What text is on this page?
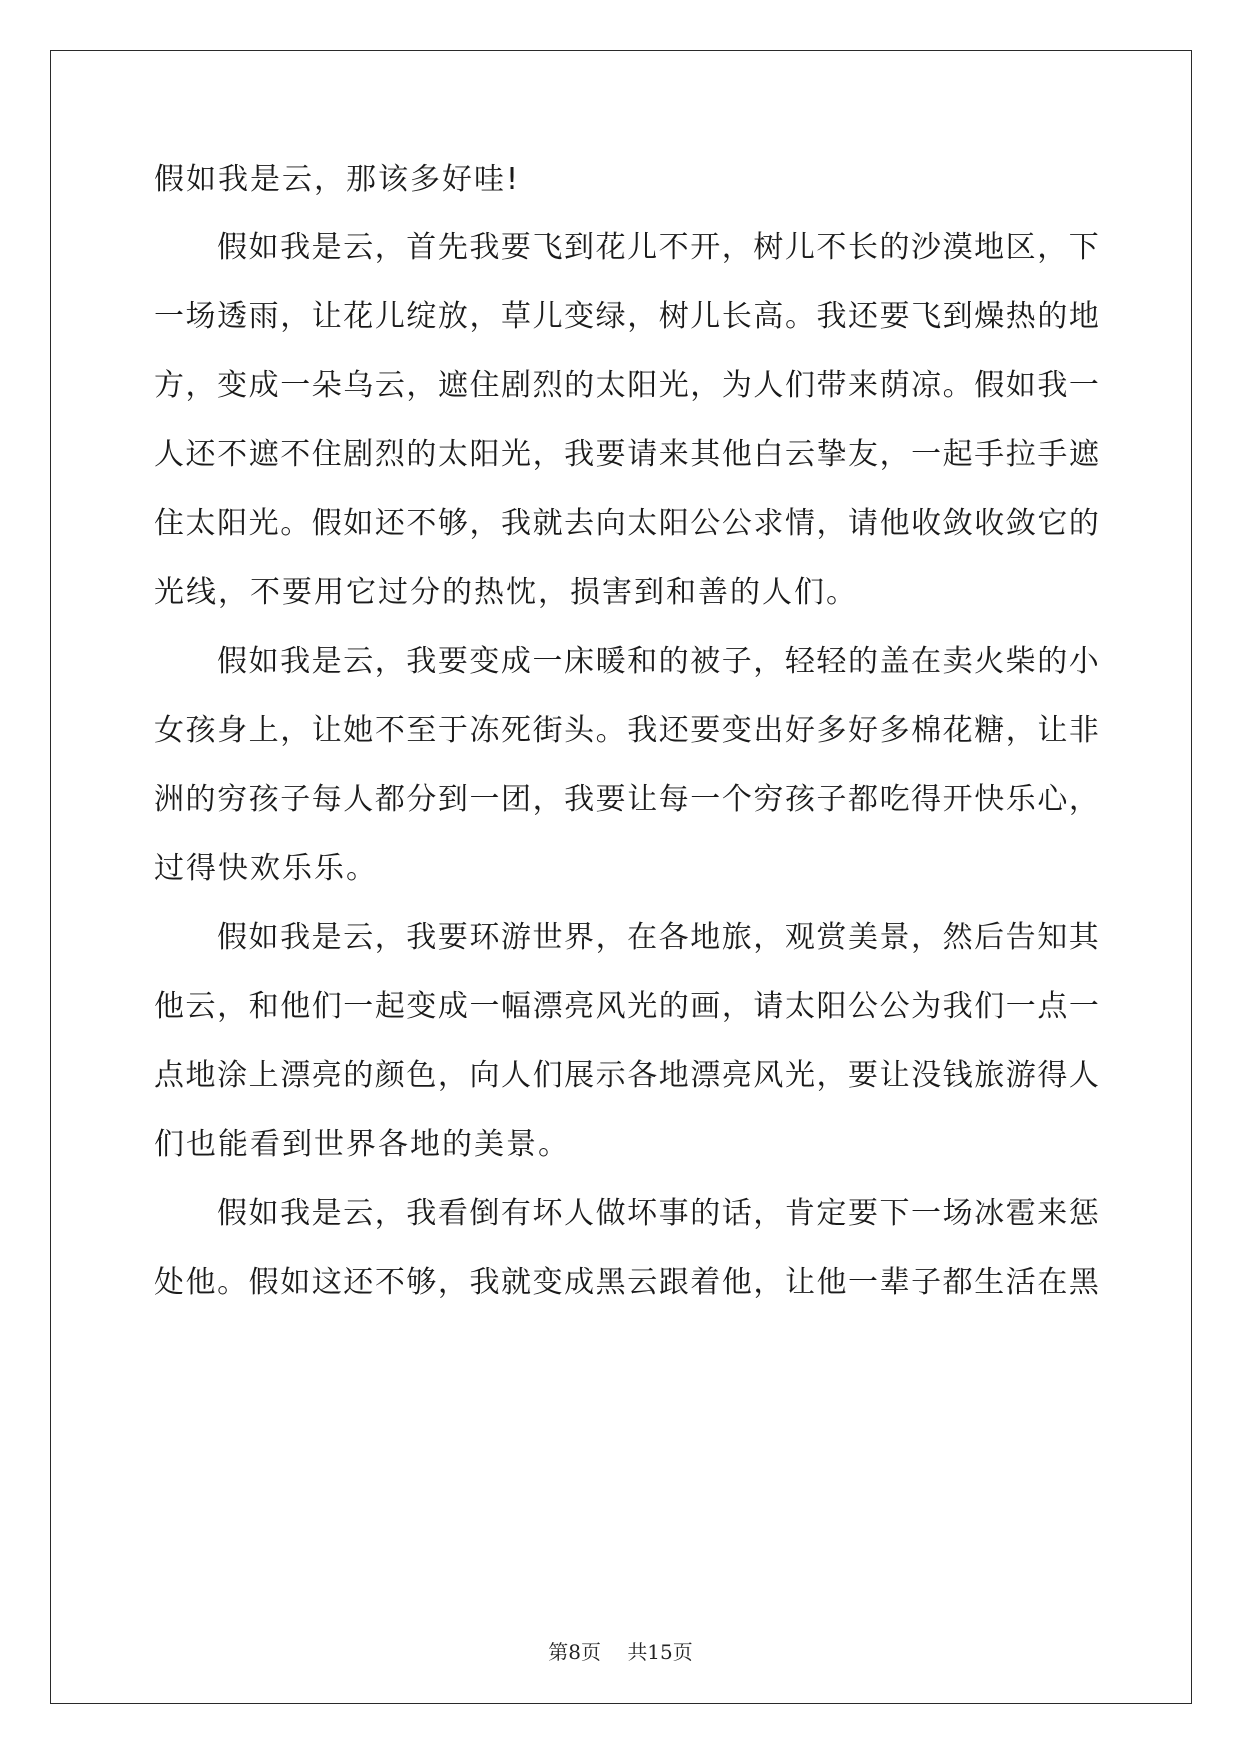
假如我是云，那该多好哇!
假 如 我 是 云 ， 首 先 我 要 飞 到 花 儿 不 开 ， 树 儿 不 长 的 沙 漠 地 区 ， 下
一 场 透 雨 ， 让 花 儿 绽 放 ， 草 儿 变 绿 ， 树 儿 长 高 。 我 还 要 飞 到 燥 热 的 地
方 ， 变 成 一 朵 乌 云 ， 遮 住 剧 烈 的 太 阳 光 ， 为 人 们 带 来 荫 凉 。 假 如 我 一
人 还 不 遮 不 住 剧 烈 的 太 阳 光 ， 我 要 请 来 其 他 白 云 挚 友 ， 一 起 手 拉 手 遮
住 太 阳 光 。 假 如 还 不 够 ， 我 就 去 向 太 阳 公 公 求 情 ， 请 他 收 敛 收 敛 它 的
光线，不要用它过分的热忱，损害到和善的人们。
假 如 我 是 云 ， 我 要 变 成 一 床 暖 和 的 被 子 ， 轻 轻 的 盖 在 卖 火 柴 的 小
女 孩 身 上 ， 让 她 不 至 于 冻 死 街 头 。 我 还 要 变 出 好 多 好 多 棉 花 糖 ， 让 非
洲 的 穷 孩 子 每 人 都 分 到 一 团 ， 我 要 让 每 一 个 穷 孩 子 都 吃 得 开 快 乐 心 ，
过得快欢乐乐。
假 如 我 是 云 ， 我 要 环 游 世 界 ， 在 各 地 旅 ， 观 赏 美 景 ， 然 后 告 知 其
他 云 ， 和 他 们 一 起 变 成 一 幅 漂 亮 风 光 的 画 ， 请 太 阳 公 公 为 我 们 一 点 一
点 地 涂 上 漂 亮 的 颜 色 ， 向 人 们 展 示 各 地 漂 亮 风 光 ， 要 让 没 钱 旅 游 得 人
们也能看到世界各地的美景。
假 如 我 是 云 ， 我 看 倒 有 坏 人 做 坏 事 的 话 ， 肯 定 要 下 一 场 冰 雹 来 惩
处 他 。 假 如 这 还 不 够 ， 我 就 变 成 黑 云 跟 着 他 ， 让 他 一 辈 子 都 生 活 在 黑
第8页 共15页
